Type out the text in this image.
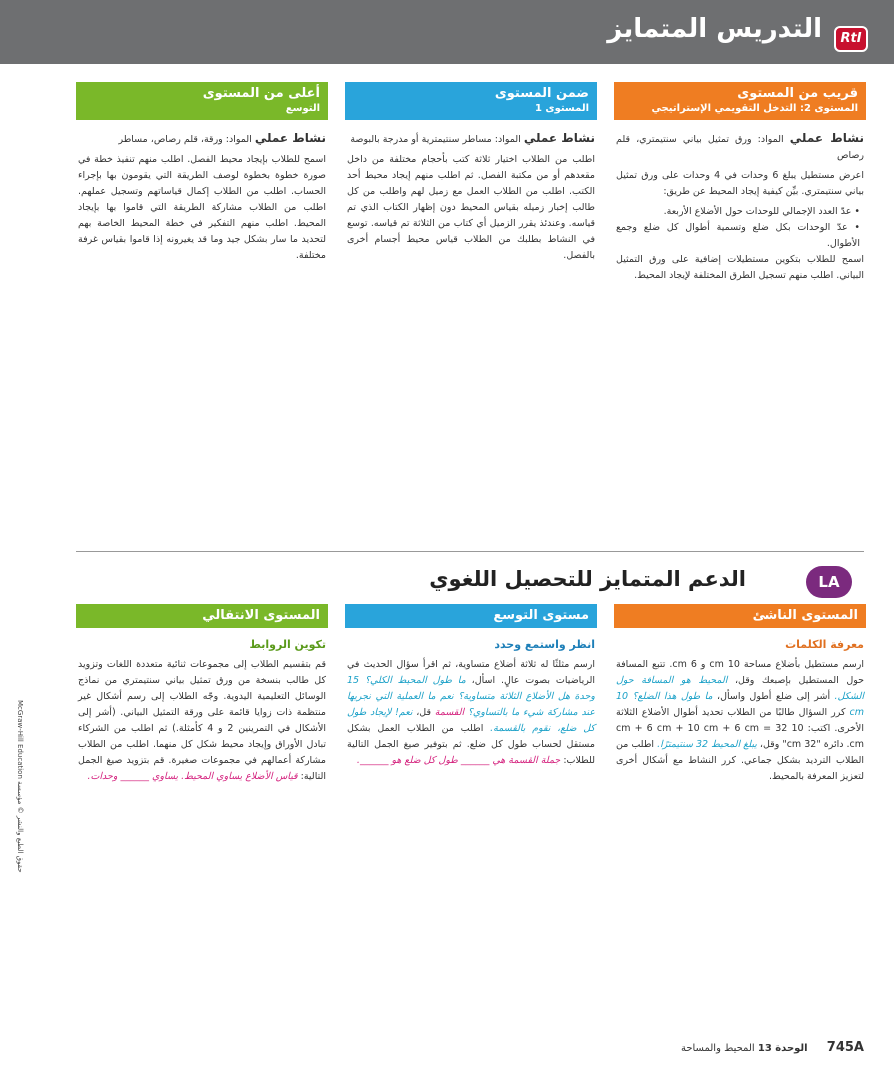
التدريس المتمايز	RtI
قريب من المستوى
المستوى 2: التدخل التقويمي الإستراتيجي

نشاط عملي المواد: ورق تمثيل بياني سنتيمتري، قلم رصاص

اعرض مستطيل يبلغ 6 وحدات في 4 وحدات على ورق تمثيل بياني سنتيمتري. بيِّن كيفية إيجاد المحيط عن طريق:

• عدّ العدد الإجمالي للوحدات حول الأضلاع الأربعة.
• عدّ الوحدات بكل ضلع وتسمية أطوال كل ضلع وجمع الأطوال.

اسمح للطلاب بتكوين مستطيلات إضافية على ورق التمثيل البياني. اطلب منهم تسجيل الطرق المختلفة لإيجاد المحيط.

ضمن المستوى
المستوى 1

نشاط عملي المواد: مساطر سنتيمترية أو مدرجة بالبوصة

اطلب من الطلاب اختيار ثلاثة كتب بأحجام مختلفة من داخل مقعدهم أو من مكتبة الفصل. ثم اطلب منهم إيجاد محيط أحد الكتب. اطلب من الطلاب العمل مع زميل لهم واطلب من كل طالب إخبار زميله بقياس المحيط دون إظهار الكتاب الذي تم قياسه. وعندئذ يقرر الزميل أي كتاب من الثلاثة تم قياسه. توسع في النشاط بطلبك من الطلاب قياس محيط أجسام أخرى بالفصل.

أعلى من المستوى
التوسع

نشاط عملي المواد: ورقة، قلم رصاص، مساطر

اسمح للطلاب بإيجاد محيط الفصل. اطلب منهم تنفيذ خطة في صورة خطوة بخطوة لوصف الطريقة التي يقومون بها بإجراء الحساب. اطلب من الطلاب إكمال قياساتهم وتسجيل عملهم. اطلب من الطلاب مشاركة الطريقة التي قاموا بها بإيجاد المحيط. اطلب منهم التفكير في خطة المحيط الخاصة بهم لتحديد ما سار بشكل جيد وما قد يغيرونه إذا قاموا بقياس غرفة مختلفة.

الدعم المتمايز للتحصيل اللغوي	LA
المستوى الناشئ
معرفة الكلمات

ارسم مستطيل بأضلاع مساحة 10 cm و 6 cm. تتبع المسافة حول المستطيل بإصبعك وقل، المحيط هو المسافة حول الشكل. أشر إلى ضلع أطول واسأل، ما طول هذا الضلع؟ 10 cm كرر السؤال طالبًا من الطلاب تحديد أطوال الأضلاع الثلاثة الأخرى. اكتب: 10 cm + 6 cm + 10 cm + 6 cm = 32 cm. دائرة "32 cm" وقل، يبلغ المحيط 32 سنتيمترًا. اطلب من الطلاب الترديد بشكل جماعي. كرر النشاط مع أشكال أخرى لتعزيز المعرفة بالمحيط.

مستوى التوسع
انظر واستمع وحدد

ارسم مثلثًا له ثلاثة أضلاع متساوية، ثم اقرأ سؤال الحديث في الرياضيات بصوت عالٍ. اسأل، ما طول المحيط الكلي؟ 15 وحدة هل الأضلاع الثلاثة متساوية؟ نعم ما العملية التي نجريها عند مشاركة شيء ما بالتساوي؟ القسمة قل، نعم! لإيجاد طول كل ضلع، نقوم بالقسمة. اطلب من الطلاب العمل بشكل مستقل لحساب طول كل ضلع. ثم بتوفير صيغ الجمل التالية للطلاب: جملة القسمة هي ______ طول كل ضلع هو ______.

المستوى الانتقالي
تكوين الروابط

قم بتقسيم الطلاب إلى مجموعات ثنائية متعددة اللغات وتزويد كل طالب بنسخة من ورق تمثيل بياني سنتيمتري من نماذج الوسائل التعليمية اليدوية. وجّه الطلاب إلى رسم أشكال غير منتظمة ذات زوايا قائمة على ورقة التمثيل البياني. (أشر إلى الأشكال في التمرينين 2 و 4 كأمثلة.) ثم اطلب من الشركاء تبادل الأوراق وإيجاد محيط شكل كل منهما. اطلب من الطلاب مشاركة أعمالهم في مجموعات صغيرة. قم بتزويد صيغ الجمل التالية: قياس الأضلاع يساوي المحيط. يساوي ______ وحدات.

McGraw-Hill Education حقوق الطبع والنشر © مؤسسة
745A الوحدة 13 المحيط والمساحة
